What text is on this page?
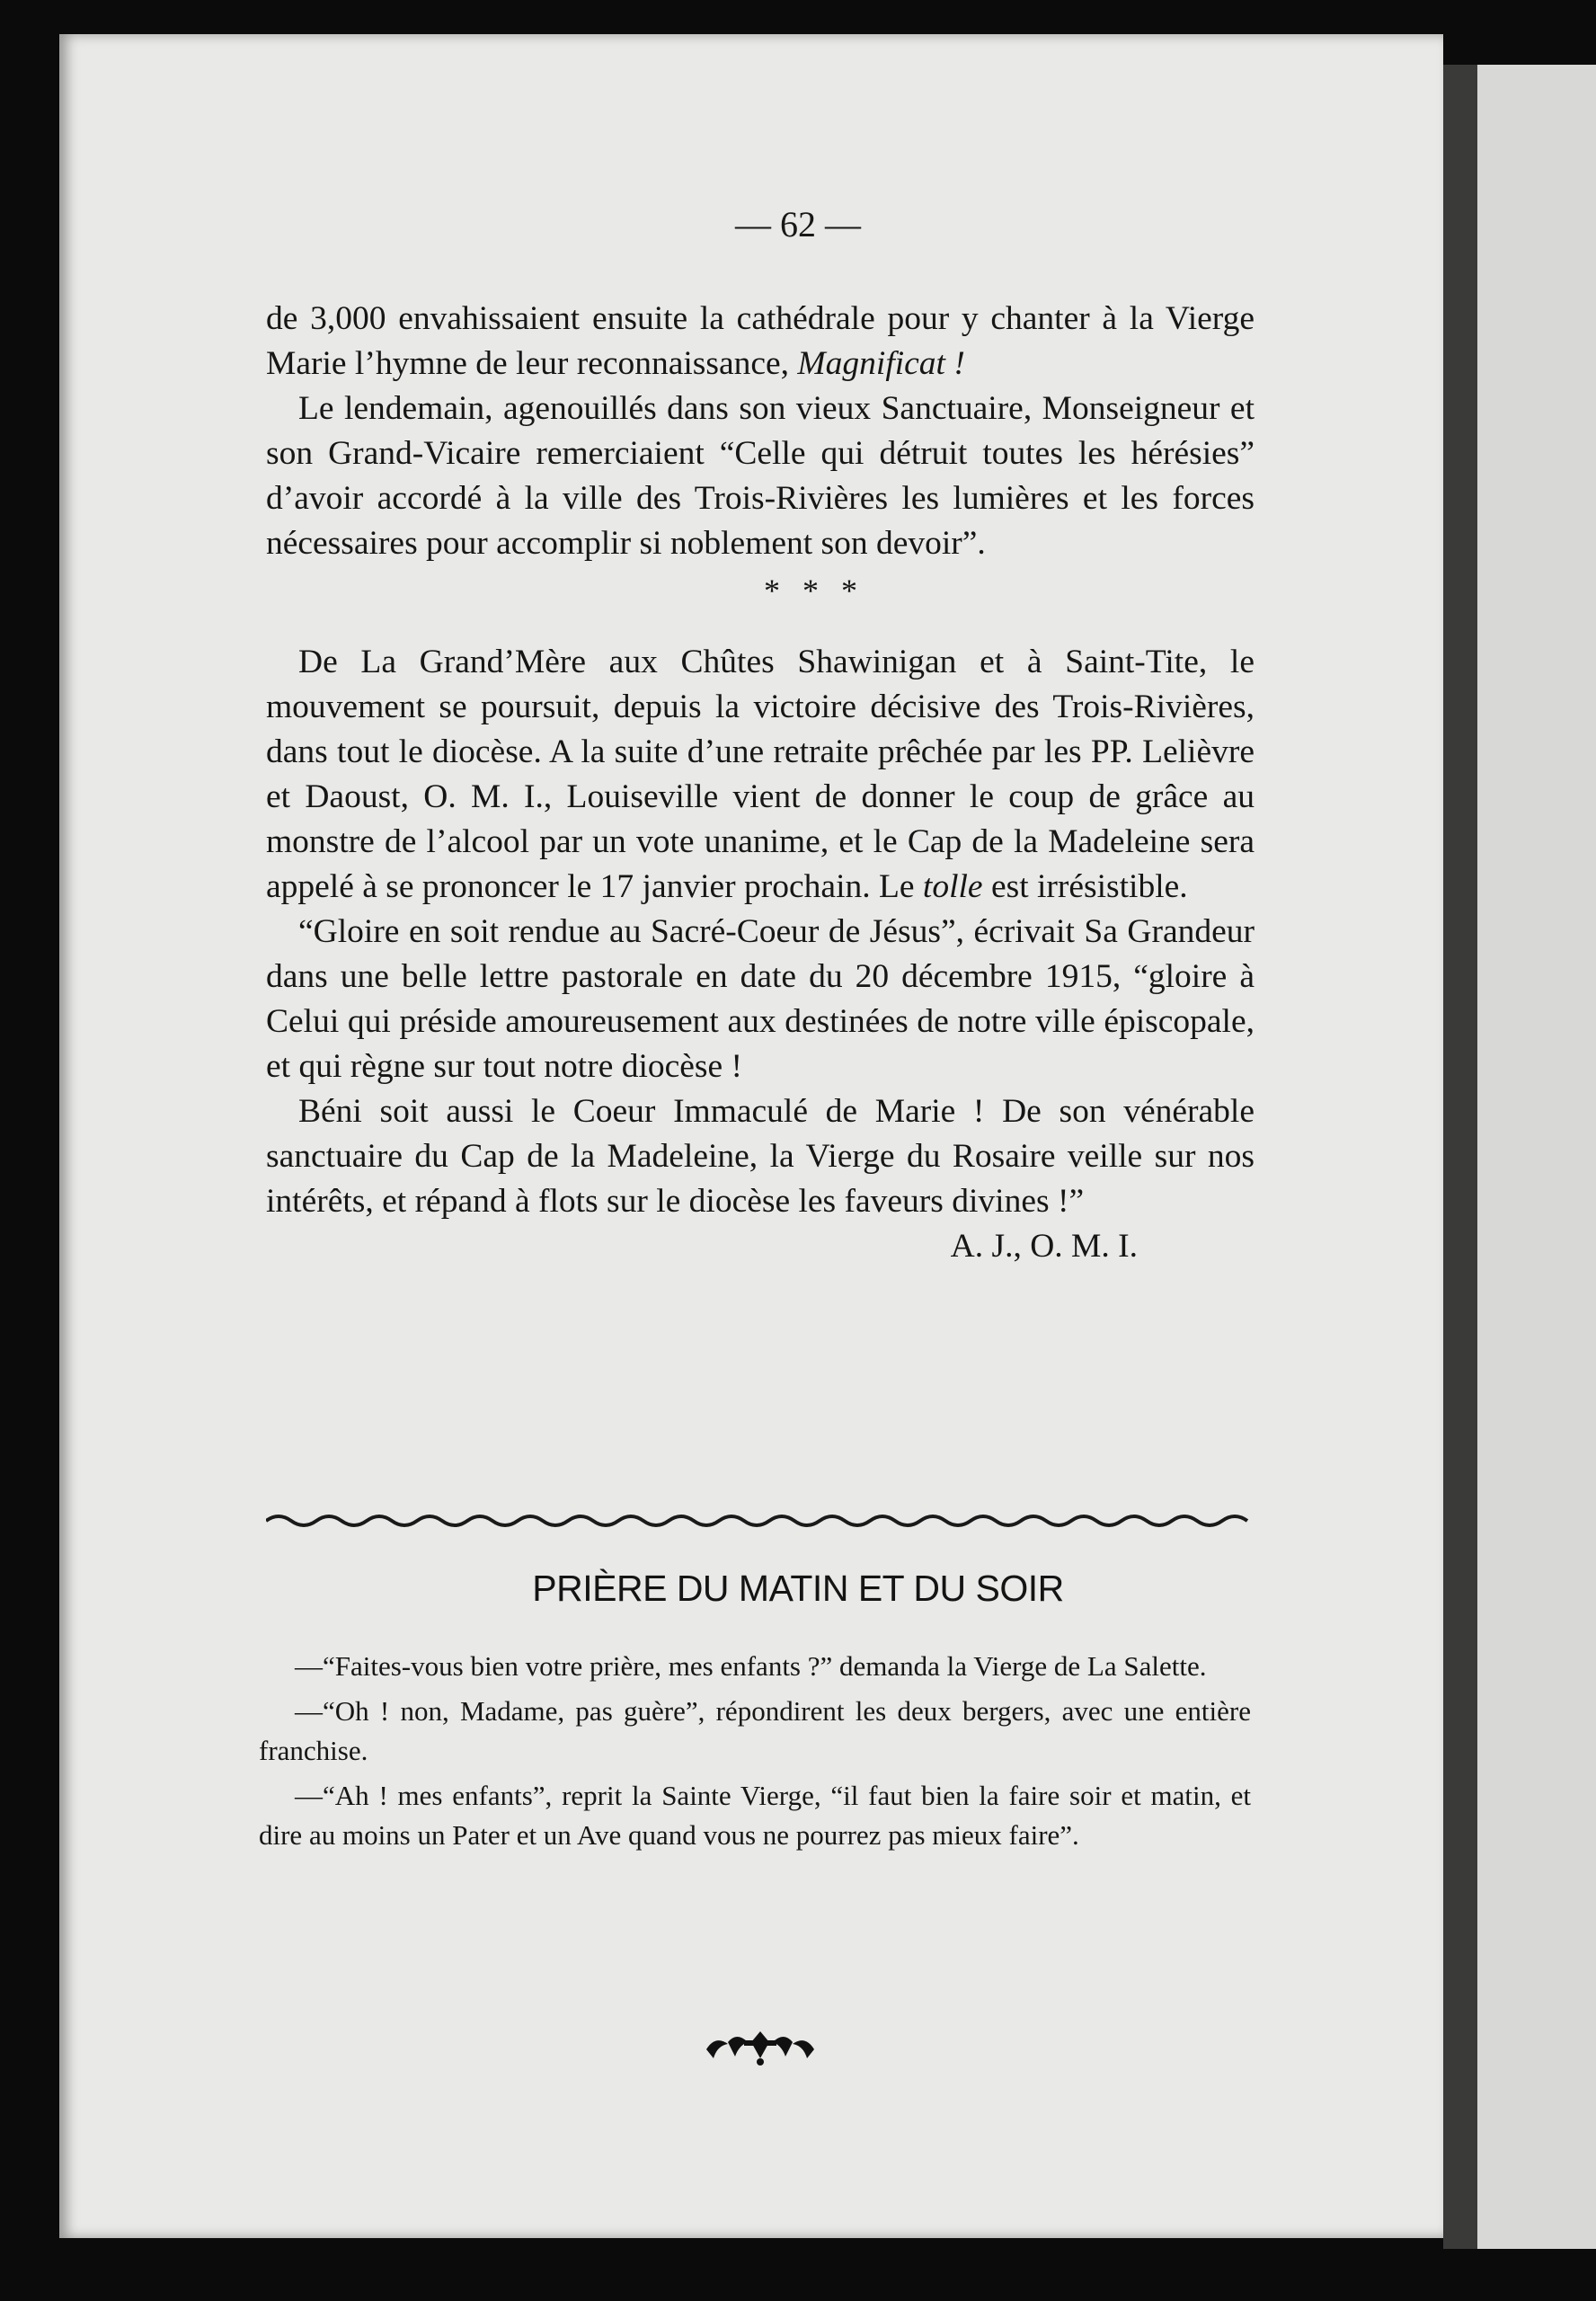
— 62 —

de 3,000 envahissaient ensuite la cathédrale pour y chanter à la Vierge Marie l’hymne de leur reconnaissance, Magnificat !

Le lendemain, agenouillés dans son vieux Sanctuaire, Monseigneur et son Grand-Vicaire remerciaient “Celle qui détruit toutes les hérésies” d’avoir accordé à la ville des Trois-Rivières les lumières et les forces nécessaires pour accomplir si noblement son devoir”.

* * *

De La Grand’Mère aux Chûtes Shawinigan et à Saint-Tite, le mouvement se poursuit, depuis la victoire décisive des Trois-Rivières, dans tout le diocèse. A la suite d’une retraite prêchée par les PP. Lelièvre et Daoust, O. M. I., Louiseville vient de donner le coup de grâce au monstre de l’alcool par un vote unanime, et le Cap de la Madeleine sera appelé à se prononcer le 17 janvier prochain. Le tolle est irrésistible.

“Gloire en soit rendue au Sacré-Coeur de Jésus”, écrivait Sa Grandeur dans une belle lettre pastorale en date du 20 décembre 1915, “gloire à Celui qui préside amoureusement aux destinées de notre ville épiscopale, et qui règne sur tout notre diocèse !

Béni soit aussi le Coeur Immaculé de Marie ! De son vénérable sanctuaire du Cap de la Madeleine, la Vierge du Rosaire veille sur nos intérêts, et répand à flots sur le diocèse les faveurs divines !”

A. J., O. M. I.

PRIÈRE DU MATIN ET DU SOIR

—“Faites-vous bien votre prière, mes enfants ?” demanda la Vierge de La Salette.

—“Oh ! non, Madame, pas guère”, répondirent les deux bergers, avec une entière franchise.

—“Ah ! mes enfants”, reprit la Sainte Vierge, “il faut bien la faire soir et matin, et dire au moins un Pater et un Ave quand vous ne pourrez pas mieux faire”.
